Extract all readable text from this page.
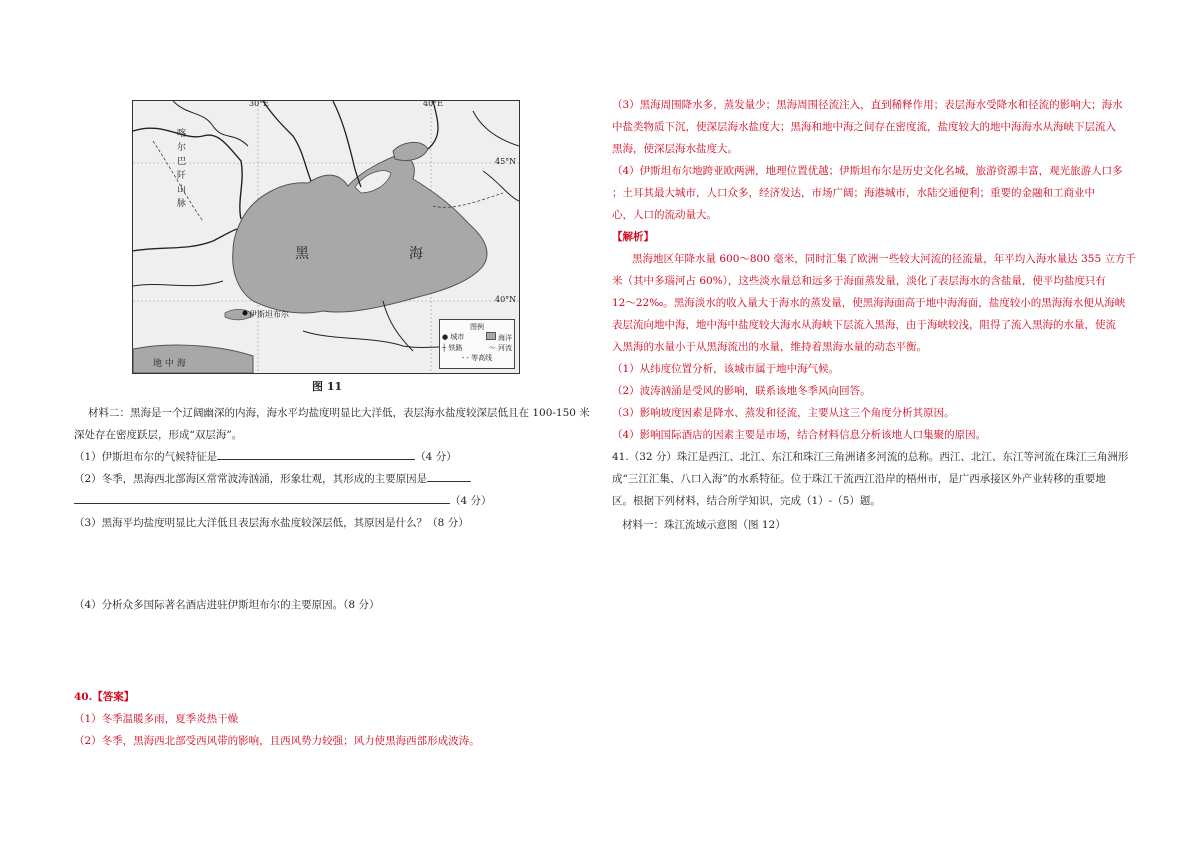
30°E	40°E
45°N
40°N
黑	海
喀
尔
巴
阡
山
脉
伊斯坦布尔
地 中 海
图例
● 城市	海洋
┼ 铁路	～ 河流
- - 等高线
图 11
材料二：黑海是一个辽阔幽深的内海，海水平均盐度明显比大洋低，表层海水盐度较深层低且在 100-150 米
深处存在密度跃层，形成“双层海”。
（1）伊斯坦布尔的气候特征是	（4 分）
（2）冬季，黑海西北部海区常常波涛汹涌，形象壮观，其形成的主要原因是
（4 分）
（3）黑海平均盐度明显比大洋低且表层海水盐度较深层低，其原因是什么？（8 分）
（4）分析众多国际著名酒店进驻伊斯坦布尔的主要原因。（8 分）
40.【答案】
（1）冬季温暖多雨，夏季炎热干燥
（2）冬季，黑海西北部受西风带的影响，且西风势力较强；风力使黑海西部形成波涛。
（3）黑海周围降水多，蒸发量少；黑海周围径流注入，直到稀释作用；表层海水受降水和径流的影响大；海水
中盐类物质下沉，使深层海水盐度大；黑海和地中海之间存在密度流，盐度较大的地中海海水从海峡下层流入
黑海，使深层海水盐度大。
（4）伊斯坦布尔地跨亚欧两洲，地理位置优越；伊斯坦布尔是历史文化名城，旅游资源丰富，观光旅游人口多
；土耳其最大城市，人口众多，经济发达，市场广阔；海港城市，水陆交通便利；重要的金融和工商业中
心，人口的流动量大。
【解析】
黑海地区年降水量 600～800 毫米，同时汇集了欧洲一些较大河流的径流量，年平均入海水量达 355 立方千
米（其中多瑙河占 60%），这些淡水量总和远多于海面蒸发量，淡化了表层海水的含盐量，使平均盐度只有
12～22‰。黑海淡水的收入量大于海水的蒸发量，使黑海海面高于地中海海面，盐度较小的黑海海水便从海峡
表层流向地中海，地中海中盐度较大海水从海峡下层流入黑海，由于海峡较浅，阻得了流入黑海的水量，使流
入黑海的水量小于从黑海流出的水量，维持着黑海水量的动态平衡。
（1）从纬度位置分析，该城市属于地中海气候。
（2）波涛汹涌是受风的影响，联系该地冬季风向回答。
（3）影响坡度因素是降水、蒸发和径流，主要从这三个角度分析其原因。
（4）影响国际酒店的因素主要是市场，结合材料信息分析该地人口集聚的原因。
41.（32 分）珠江是西江、北江、东江和珠江三角洲诸多河流的总称。西江、北江、东江等河流在珠江三角洲形
成“三江汇集、八口入海”的水系特征。位于珠江干流西江沿岸的梧州市，是广西承接区外产业转移的重要地
区。根据下列材料，结合所学知识，完成（1）-（5）题。
材料一：珠江流域示意图（图 12）
